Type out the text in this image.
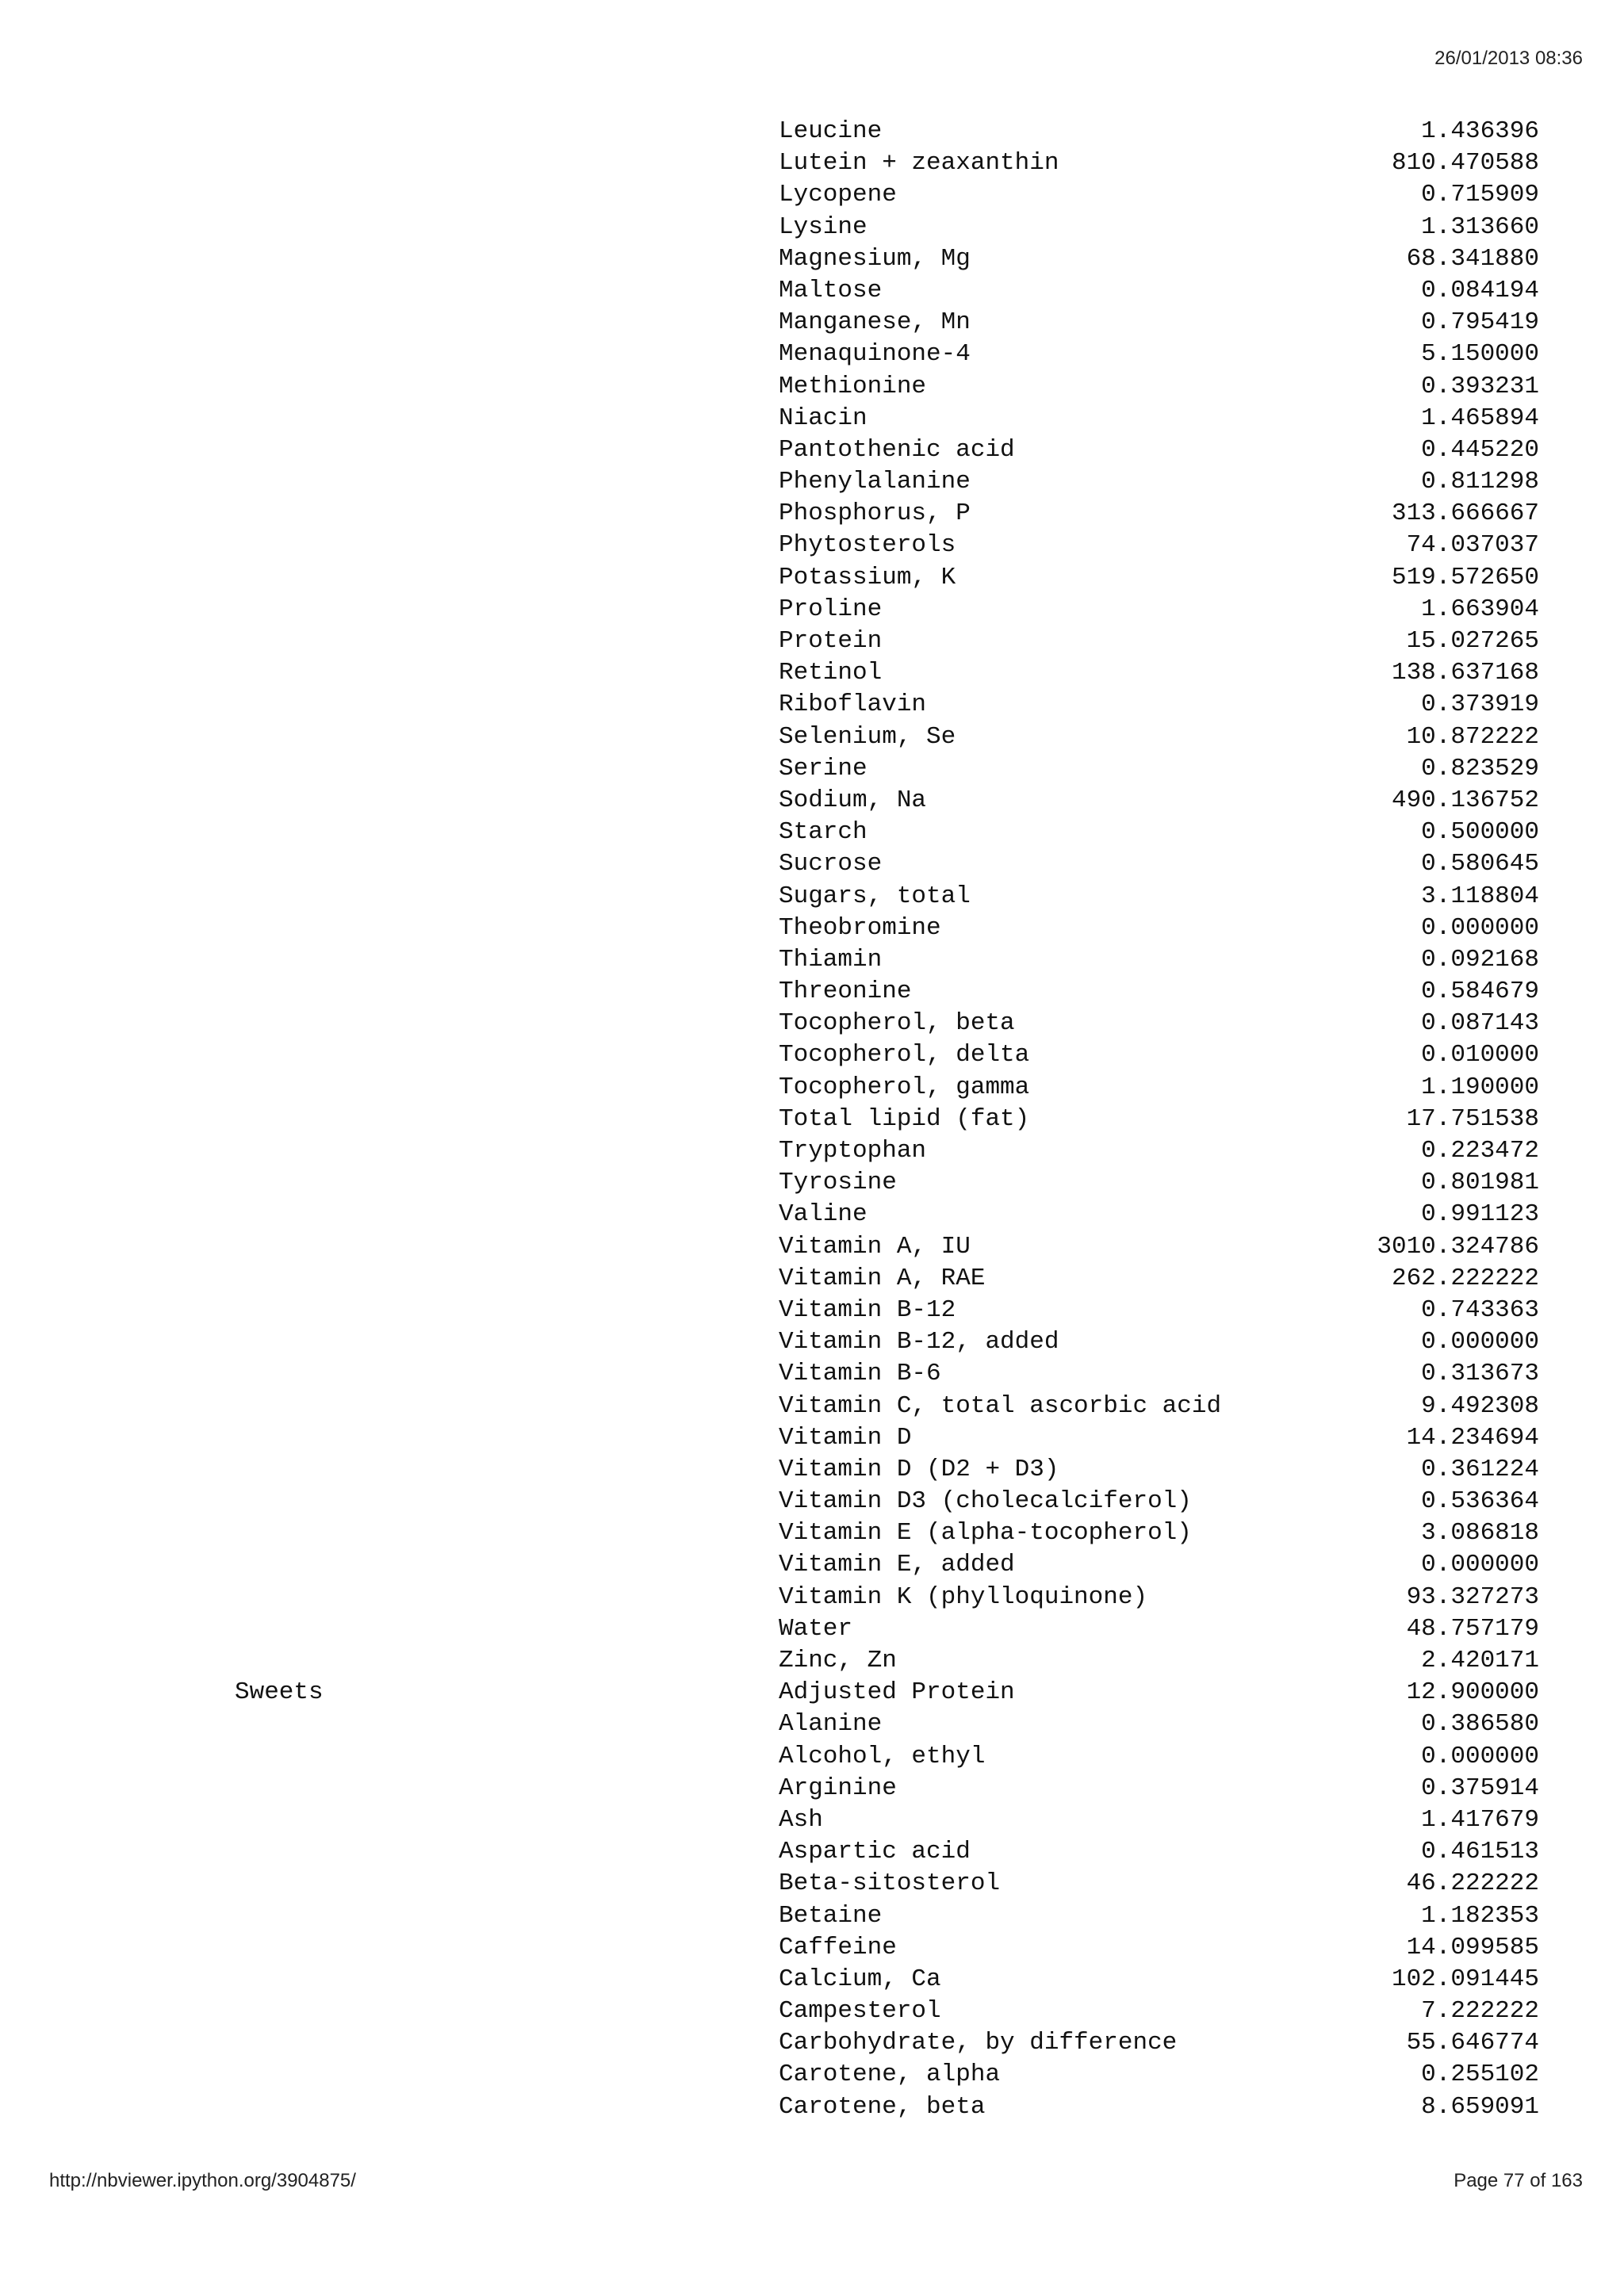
26/01/2013 08:36
Leucine	1.436396
Lutein + zeaxanthin	810.470588
Lycopene	0.715909
Lysine	1.313660
Magnesium, Mg	68.341880
Maltose	0.084194
Manganese, Mn	0.795419
Menaquinone-4	5.150000
Methionine	0.393231
Niacin	1.465894
Pantothenic acid	0.445220
Phenylalanine	0.811298
Phosphorus, P	313.666667
Phytosterols	74.037037
Potassium, K	519.572650
Proline	1.663904
Protein	15.027265
Retinol	138.637168
Riboflavin	0.373919
Selenium, Se	10.872222
Serine	0.823529
Sodium, Na	490.136752
Starch	0.500000
Sucrose	0.580645
Sugars, total	3.118804
Theobromine	0.000000
Thiamin	0.092168
Threonine	0.584679
Tocopherol, beta	0.087143
Tocopherol, delta	0.010000
Tocopherol, gamma	1.190000
Total lipid (fat)	17.751538
Tryptophan	0.223472
Tyrosine	0.801981
Valine	0.991123
Vitamin A, IU	3010.324786
Vitamin A, RAE	262.222222
Vitamin B-12	0.743363
Vitamin B-12, added	0.000000
Vitamin B-6	0.313673
Vitamin C, total ascorbic acid	9.492308
Vitamin D	14.234694
Vitamin D (D2 + D3)	0.361224
Vitamin D3 (cholecalciferol)	0.536364
Vitamin E (alpha-tocopherol)	3.086818
Vitamin E, added	0.000000
Vitamin K (phylloquinone)	93.327273
Water	48.757179
Zinc, Zn	2.420171
Sweets	Adjusted Protein	12.900000
Alanine	0.386580
Alcohol, ethyl	0.000000
Arginine	0.375914
Ash	1.417679
Aspartic acid	0.461513
Beta-sitosterol	46.222222
Betaine	1.182353
Caffeine	14.099585
Calcium, Ca	102.091445
Campesterol	7.222222
Carbohydrate, by difference	55.646774
Carotene, alpha	0.255102
Carotene, beta	8.659091
http://nbviewer.ipython.org/3904875/	Page 77 of 163
